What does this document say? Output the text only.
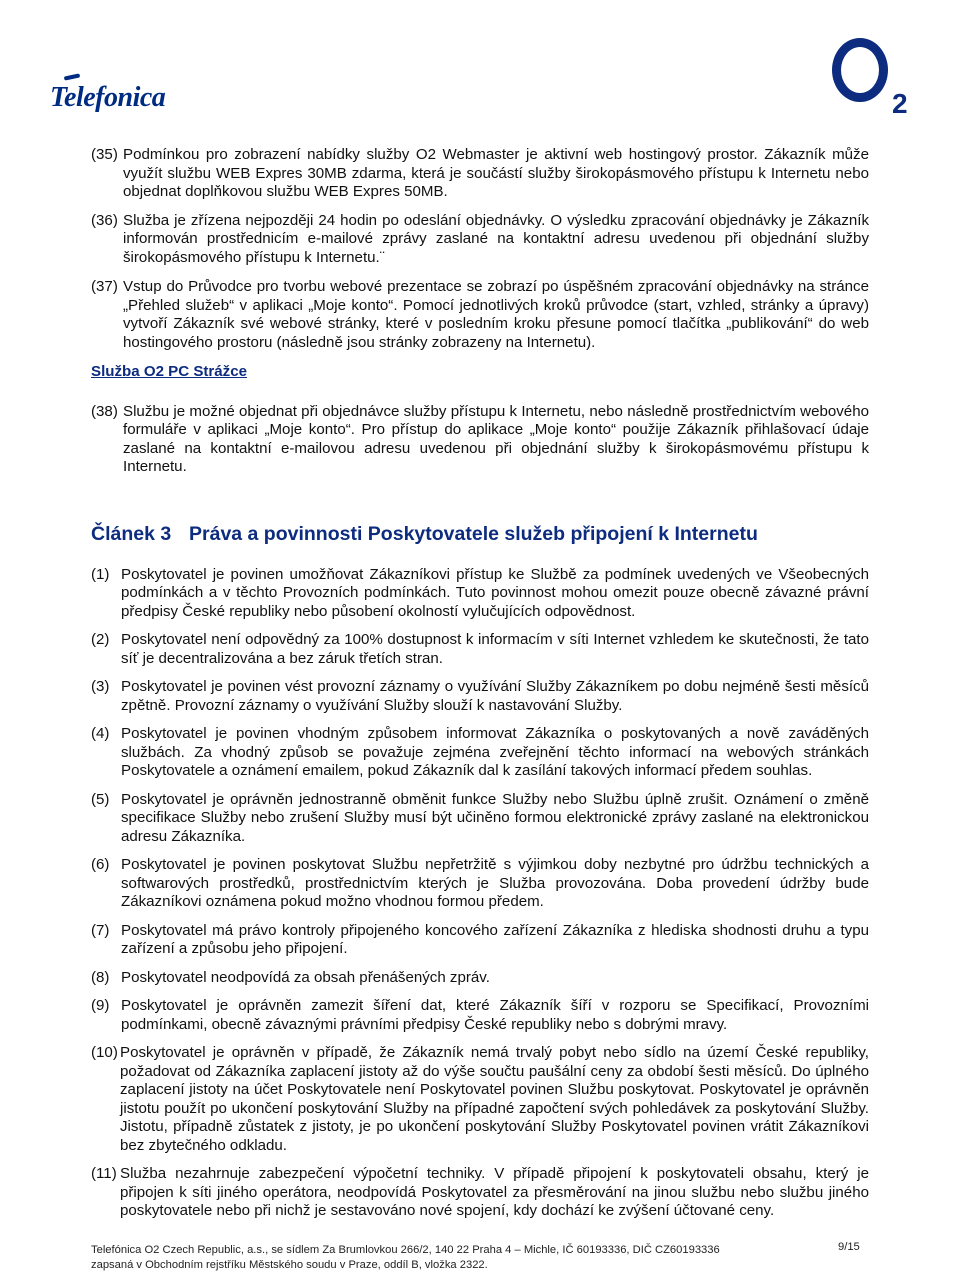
Telefonica	2
(35) Podmínkou pro zobrazení nabídky služby O2 Webmaster je aktivní web hostingový prostor. Zákazník může využít službu WEB Expres 30MB zdarma, která je součástí služby širokopásmového přístupu k Internetu nebo objednat doplňkovou službu WEB Expres 50MB.
(36) Služba je zřízena nejpozději 24 hodin po odeslání objednávky. O výsledku zpracování objednávky je Zákazník informován prostřednicím e-mailové zprávy zaslané na kontaktní adresu uvedenou při objednání služby širokopásmového přístupu k Internetu.¨
(37) Vstup do Průvodce pro tvorbu webové prezentace se zobrazí po úspěšném zpracování objednávky na stránce „Přehled služeb“ v aplikaci „Moje konto“. Pomocí jednotlivých kroků průvodce (start, vzhled, stránky a úpravy) vytvoří Zákazník své webové stránky, které v posledním kroku přesune pomocí tlačítka „publikování“ do web hostingového prostoru (následně jsou stránky zobrazeny na Internetu).
Služba O2 PC Strážce
(38) Službu je možné objednat při objednávce služby přístupu k Internetu, nebo následně prostřednictvím webového formuláře v aplikaci „Moje konto“. Pro přístup do aplikace „Moje konto“ použije Zákazník přihlašovací údaje zaslané na kontaktní e-mailovou adresu uvedenou při objednání služby k širokopásmovému přístupu k Internetu.
Článek 3 Práva a povinnosti Poskytovatele služeb připojení k Internetu
(1) Poskytovatel je povinen umožňovat Zákazníkovi přístup ke Službě za podmínek uvedených ve Všeobecných podmínkách a v těchto Provozních podmínkách. Tuto povinnost mohou omezit pouze obecně závazné právní předpisy České republiky nebo působení okolností vylučujících odpovědnost.
(2) Poskytovatel není odpovědný za 100% dostupnost k informacím v síti Internet vzhledem ke skutečnosti, že tato síť je decentralizována a bez záruk třetích stran.
(3) Poskytovatel je povinen vést provozní záznamy o využívání Služby Zákazníkem po dobu nejméně šesti měsíců zpětně. Provozní záznamy o využívání Služby slouží k nastavování Služby.
(4) Poskytovatel je povinen vhodným způsobem informovat Zákazníka o poskytovaných a nově zaváděných službách. Za vhodný způsob se považuje zejména zveřejnění těchto informací na webových stránkách Poskytovatele a oznámení emailem, pokud Zákazník dal k zasílání takových informací předem souhlas.
(5) Poskytovatel je oprávněn jednostranně obměnit funkce Služby nebo Službu úplně zrušit. Oznámení o změně specifikace Služby nebo zrušení Služby musí být učiněno formou elektronické zprávy zaslané na elektronickou adresu Zákazníka.
(6) Poskytovatel je povinen poskytovat Službu nepřetržitě s výjimkou doby nezbytné pro údržbu technických a softwarových prostředků, prostřednictvím kterých je Služba provozována. Doba provedení údržby bude Zákazníkovi oznámena pokud možno vhodnou formou předem.
(7) Poskytovatel má právo kontroly připojeného koncového zařízení Zákazníka z hlediska shodnosti druhu a typu zařízení a způsobu jeho připojení.
(8) Poskytovatel neodpovídá za obsah přenášených zpráv.
(9) Poskytovatel je oprávněn zamezit šíření dat, které Zákazník šíří v rozporu se Specifikací, Provozními podmínkami, obecně závaznými právními předpisy České republiky nebo s dobrými mravy.
(10) Poskytovatel je oprávněn v případě, že Zákazník nemá trvalý pobyt nebo sídlo na území České republiky, požadovat od Zákazníka zaplacení jistoty až do výše součtu paušální ceny za období šesti měsíců. Do úplného zaplacení jistoty na účet Poskytovatele není Poskytovatel povinen Službu poskytovat. Poskytovatel je oprávněn jistotu použít po ukončení poskytování Služby na případné započtení svých pohledávek za poskytování Služby. Jistotu, případně zůstatek z jistoty, je po ukončení poskytování Služby Poskytovatel povinen vrátit Zákazníkovi bez zbytečného odkladu.
(11) Služba nezahrnuje zabezpečení výpočetní techniky. V případě připojení k poskytovateli obsahu, který je připojen k síti jiného operátora, neodpovídá Poskytovatel za přesměrování na jinou službu nebo službu jiného poskytovatele nebo při nichž je sestavováno nové spojení, kdy dochází ke zvýšení účtované ceny.
Telefónica O2 Czech Republic, a.s., se sídlem Za Brumlovkou 266/2, 140 22 Praha 4 – Michle, IČ 60193336, DIČ CZ60193336
zapsaná v Obchodním rejstříku Městského soudu v Praze, oddíl B, vložka 2322.
9/15
